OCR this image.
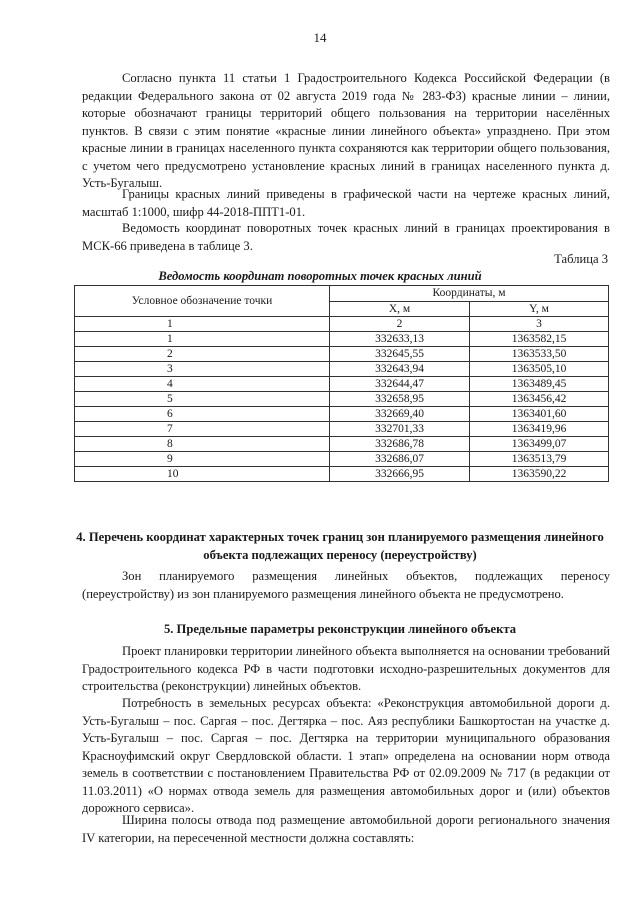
14
Согласно пункта 11 статьи 1 Градостроительного Кодекса Российской Федерации (в редакции Федерального закона от 02 августа 2019 года № 283-ФЗ) красные линии – линии, которые обозначают границы территорий общего пользования на территории населённых пунктов. В связи с этим понятие «красные линии линейного объекта» упразднено. При этом красные линии в границах населенного пункта сохраняются как территории общего пользования, с учетом чего предусмотрено установление красных линий в границах населенного пункта д. Усть-Бугалыш.
Границы красных линий приведены в графической части на чертеже красных линий, масштаб 1:1000, шифр 44-2018-ППТ1-01.
Ведомость координат поворотных точек красных линий в границах проектирования в МСК-66 приведена в таблице 3.
Таблица 3
Ведомость координат поворотных точек красных линий
Условное обозначение точки	Координаты, м	
	X, м	Y, м
1	2	3
1	332633,13	1363582,15
2	332645,55	1363533,50
3	332643,94	1363505,10
4	332644,47	1363489,45
5	332658,95	1363456,42
6	332669,40	1363401,60
7	332701,33	1363419,96
8	332686,78	1363499,07
9	332686,07	1363513,79
10	332666,95	1363590,22
4. Перечень координат характерных точек границ зон планируемого размещения линейного объекта подлежащих переносу (переустройству)
Зон планируемого размещения линейных объектов, подлежащих переносу (переустройству) из зон планируемого размещения линейного объекта не предусмотрено.
5. Предельные параметры реконструкции линейного объекта
Проект планировки территории линейного объекта выполняется на основании требований Градостроительного кодекса РФ в части подготовки исходно-разрешительных документов для строительства (реконструкции) линейных объектов.
Потребность в земельных ресурсах объекта: «Реконструкция автомобильной дороги д. Усть-Бугалыш – пос. Саргая – пос. Дегтярка – пос. Аяз республики Башкортостан на участке д. Усть-Бугалыш – пос. Саргая – пос. Дегтярка на территории муниципального образования Красноуфимский округ Свердловской области. 1 этап» определена на основании норм отвода земель в соответствии с постановлением Правительства РФ от 02.09.2009 № 717 (в редакции от 11.03.2011) «О нормах отвода земель для размещения автомобильных дорог и (или) объектов дорожного сервиса».
Ширина полосы отвода под размещение автомобильной дороги регионального значения IV категории, на пересеченной местности должна составлять:
